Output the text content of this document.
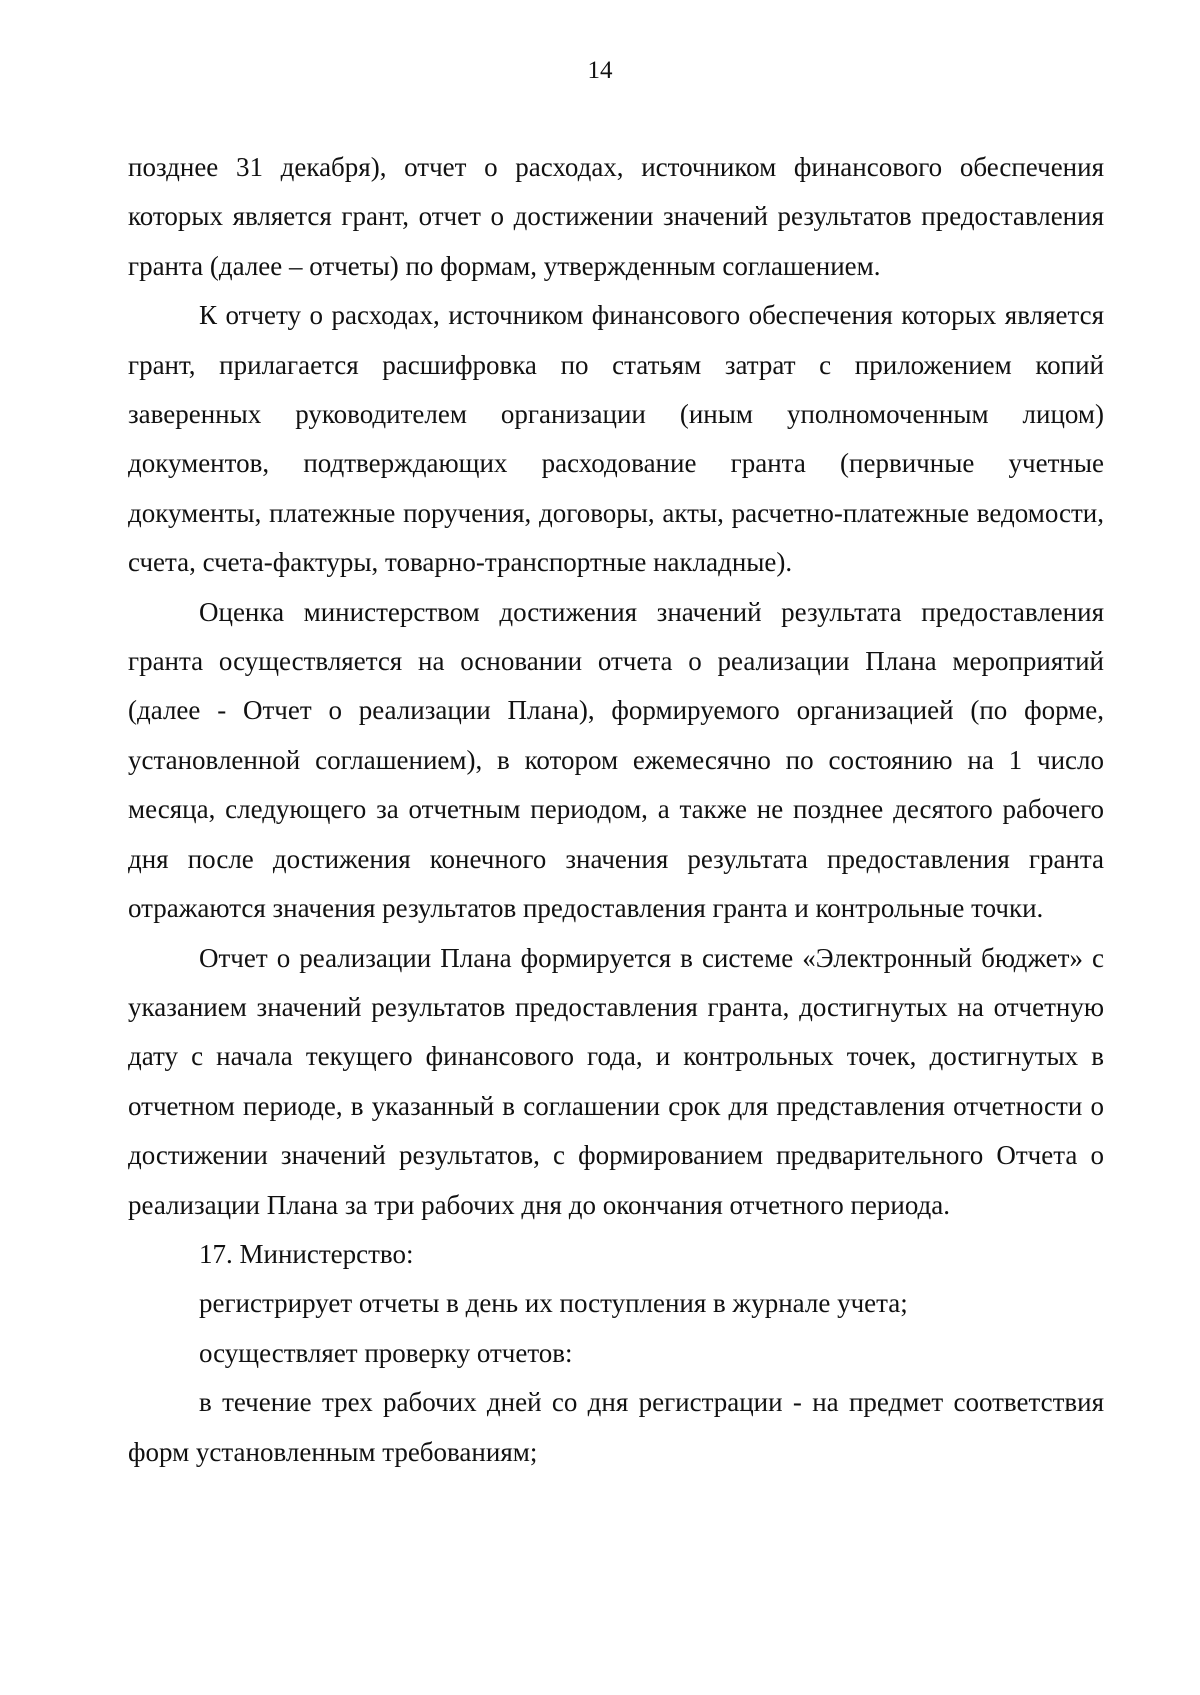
14

позднее 31 декабря), отчет о расходах, источником финансового обеспечения которых является грант, отчет о достижении значений результатов предоставления гранта (далее – отчеты) по формам, утвержденным соглашением.

К отчету о расходах, источником финансового обеспечения которых является грант, прилагается расшифровка по статьям затрат с приложением копий заверенных руководителем организации (иным уполномоченным лицом) документов, подтверждающих расходование гранта (первичные учетные документы, платежные поручения, договоры, акты, расчетно-платежные ведомости, счета, счета-фактуры, товарно-транспортные накладные).

Оценка министерством достижения значений результата предоставления гранта осуществляется на основании отчета о реализации Плана мероприятий (далее - Отчет о реализации Плана), формируемого организацией (по форме, установленной соглашением), в котором ежемесячно по состоянию на 1 число месяца, следующего за отчетным периодом, а также не позднее десятого рабочего дня после достижения конечного значения результата предоставления гранта отражаются значения результатов предоставления гранта и контрольные точки.

Отчет о реализации Плана формируется в системе «Электронный бюджет» с указанием значений результатов предоставления гранта, достигнутых на отчетную дату с начала текущего финансового года, и контрольных точек, достигнутых в отчетном периоде, в указанный в соглашении срок для представления отчетности о достижении значений результатов, с формированием предварительного Отчета о реализации Плана за три рабочих дня до окончания отчетного периода.

17. Министерство:

регистрирует отчеты в день их поступления в журнале учета;

осуществляет проверку отчетов:

в течение трех рабочих дней со дня регистрации - на предмет соответствия форм установленным требованиям;
